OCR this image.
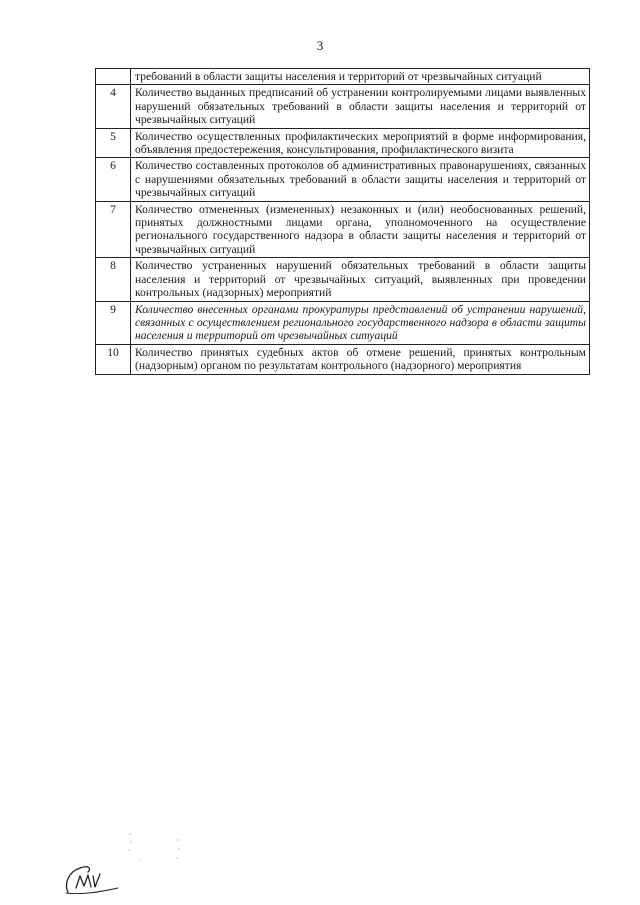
3
	требований в области защиты населения и территорий от чрезвычайных ситуаций
4	Количество выданных предписаний об устранении контролируемыми лицами выявленных нарушений обязательных требований в области защиты населения и территорий от чрезвычайных ситуаций
5	Количество осуществленных профилактических мероприятий в форме информирования, объявления предостережения, консультирования, профилактического визита
6	Количество составленных протоколов об административных правонарушениях, связанных с нарушениями обязательных требований в области защиты населения и территорий от чрезвычайных ситуаций
7	Количество отмененных (измененных) незаконных и (или) необоснованных решений, принятых должностными лицами органа, уполномоченного на осуществление регионального государственного надзора в области защиты населения и территорий от чрезвычайных ситуаций
8	Количество устраненных нарушений обязательных требований в области защиты населения и территорий от чрезвычайных ситуаций, выявленных при проведении контрольных (надзорных) мероприятий
9	Количество внесенных органами прокуратуры представлений об устранении нарушений, связанных с осуществлением регионального государственного надзора в области защиты населения и территорий от чрезвычайных ситуаций
10	Количество принятых судебных актов об отмене решений, принятых контрольным (надзорным) органом по результатам контрольного (надзорного) мероприятия
